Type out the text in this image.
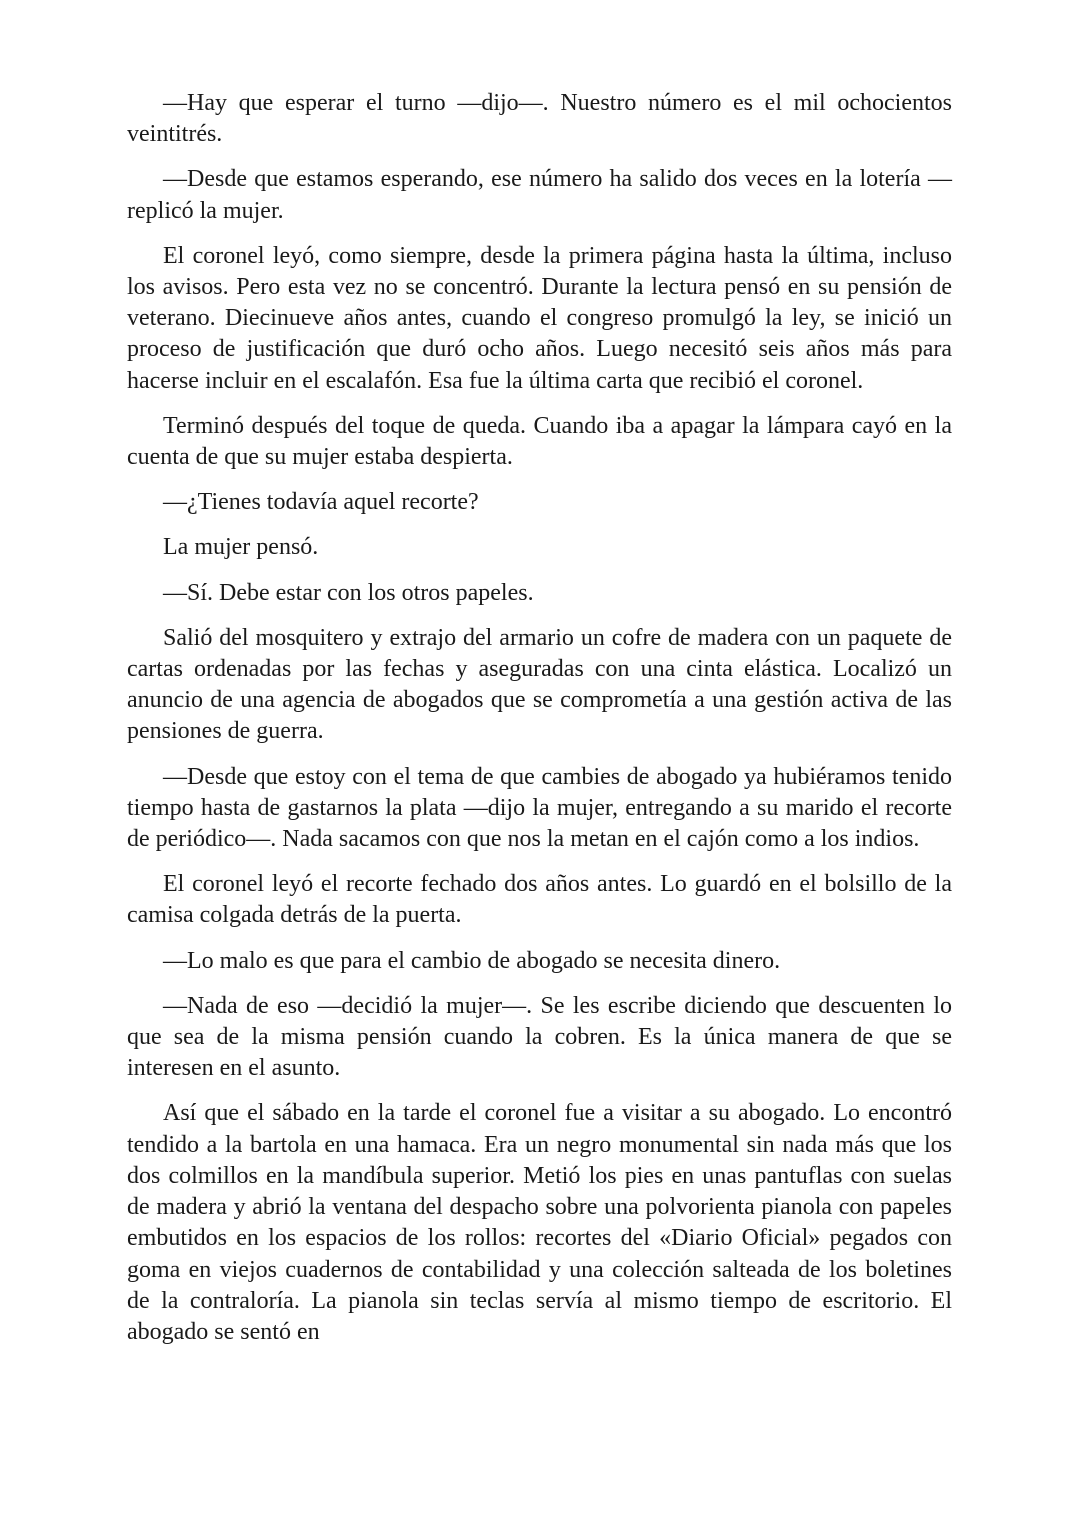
—Hay que esperar el turno —dijo—. Nuestro número es el mil ochocientos veintitrés.

—Desde que estamos esperando, ese número ha salido dos veces en la lotería —replicó la mujer.

El coronel leyó, como siempre, desde la primera página hasta la última, incluso los avisos. Pero esta vez no se concentró. Durante la lectura pensó en su pensión de veterano. Diecinueve años antes, cuando el congreso promulgó la ley, se inició un proceso de justificación que duró ocho años. Luego necesitó seis años más para hacerse incluir en el escalafón. Esa fue la última carta que recibió el coronel.

Terminó después del toque de queda. Cuando iba a apagar la lámpara cayó en la cuenta de que su mujer estaba despierta.

—¿Tienes todavía aquel recorte?

La mujer pensó.

—Sí. Debe estar con los otros papeles.

Salió del mosquitero y extrajo del armario un cofre de madera con un paquete de cartas ordenadas por las fechas y aseguradas con una cinta elástica. Localizó un anuncio de una agencia de abogados que se comprometía a una gestión activa de las pensiones de guerra.

—Desde que estoy con el tema de que cambies de abogado ya hubiéramos tenido tiempo hasta de gastarnos la plata —dijo la mujer, entregando a su marido el recorte de periódico—. Nada sacamos con que nos la metan en el cajón como a los indios.

El coronel leyó el recorte fechado dos años antes. Lo guardó en el bolsillo de la camisa colgada detrás de la puerta.

—Lo malo es que para el cambio de abogado se necesita dinero.

—Nada de eso —decidió la mujer—. Se les escribe diciendo que descuenten lo que sea de la misma pensión cuando la cobren. Es la única manera de que se interesen en el asunto.

Así que el sábado en la tarde el coronel fue a visitar a su abogado. Lo encontró tendido a la bartola en una hamaca. Era un negro monumental sin nada más que los dos colmillos en la mandíbula superior. Metió los pies en unas pantuflas con suelas de madera y abrió la ventana del despacho sobre una polvorienta pianola con papeles embutidos en los espacios de los rollos: recortes del «Diario Oficial» pegados con goma en viejos cuadernos de contabilidad y una colección salteada de los boletines de la contraloría. La pianola sin teclas servía al mismo tiempo de escritorio. El abogado se sentó en
